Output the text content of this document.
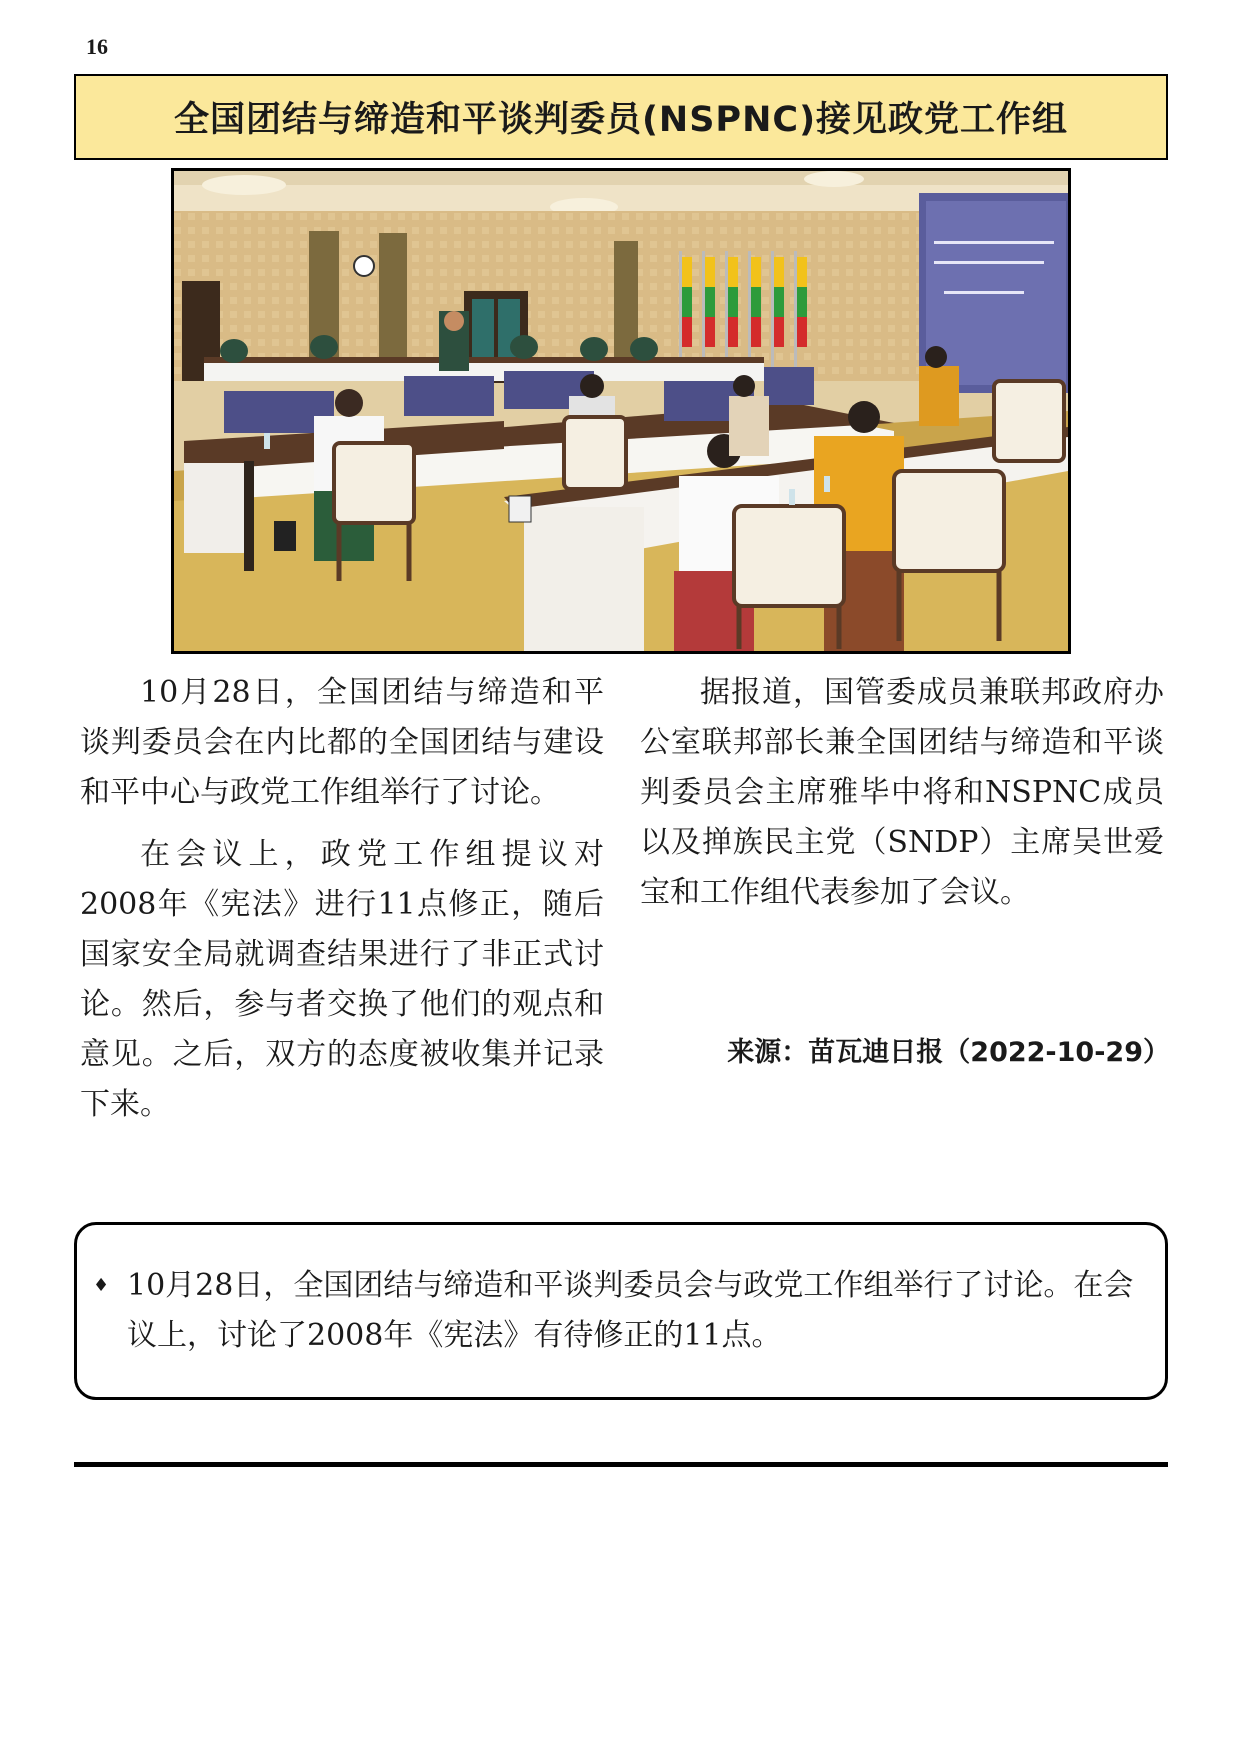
16
全国团结与缔造和平谈判委员(NSPNC)接见政党工作组

10月28日，全国团结与缔造和平谈判委员会在内比都的全国团结与建设和平中心与政党工作组举行了讨论。

在会议上，政党工作组提议对2008年《宪法》进行11点修正，随后国家安全局就调查结果进行了非正式讨论。然后，参与者交换了他们的观点和意见。之后，双方的态度被收集并记录下来。

据报道，国管委成员兼联邦政府办公室联邦部长兼全国团结与缔造和平谈判委员会主席雅毕中将和NSPNC成员以及掸族民主党（SNDP）主席吴世爱宝和工作组代表参加了会议。

来源：苗瓦迪日报（2022-10-29）
♦ 10月28日，全国团结与缔造和平谈判委员会与政党工作组举行了讨论。在会议上，讨论了2008年《宪法》有待修正的11点。
